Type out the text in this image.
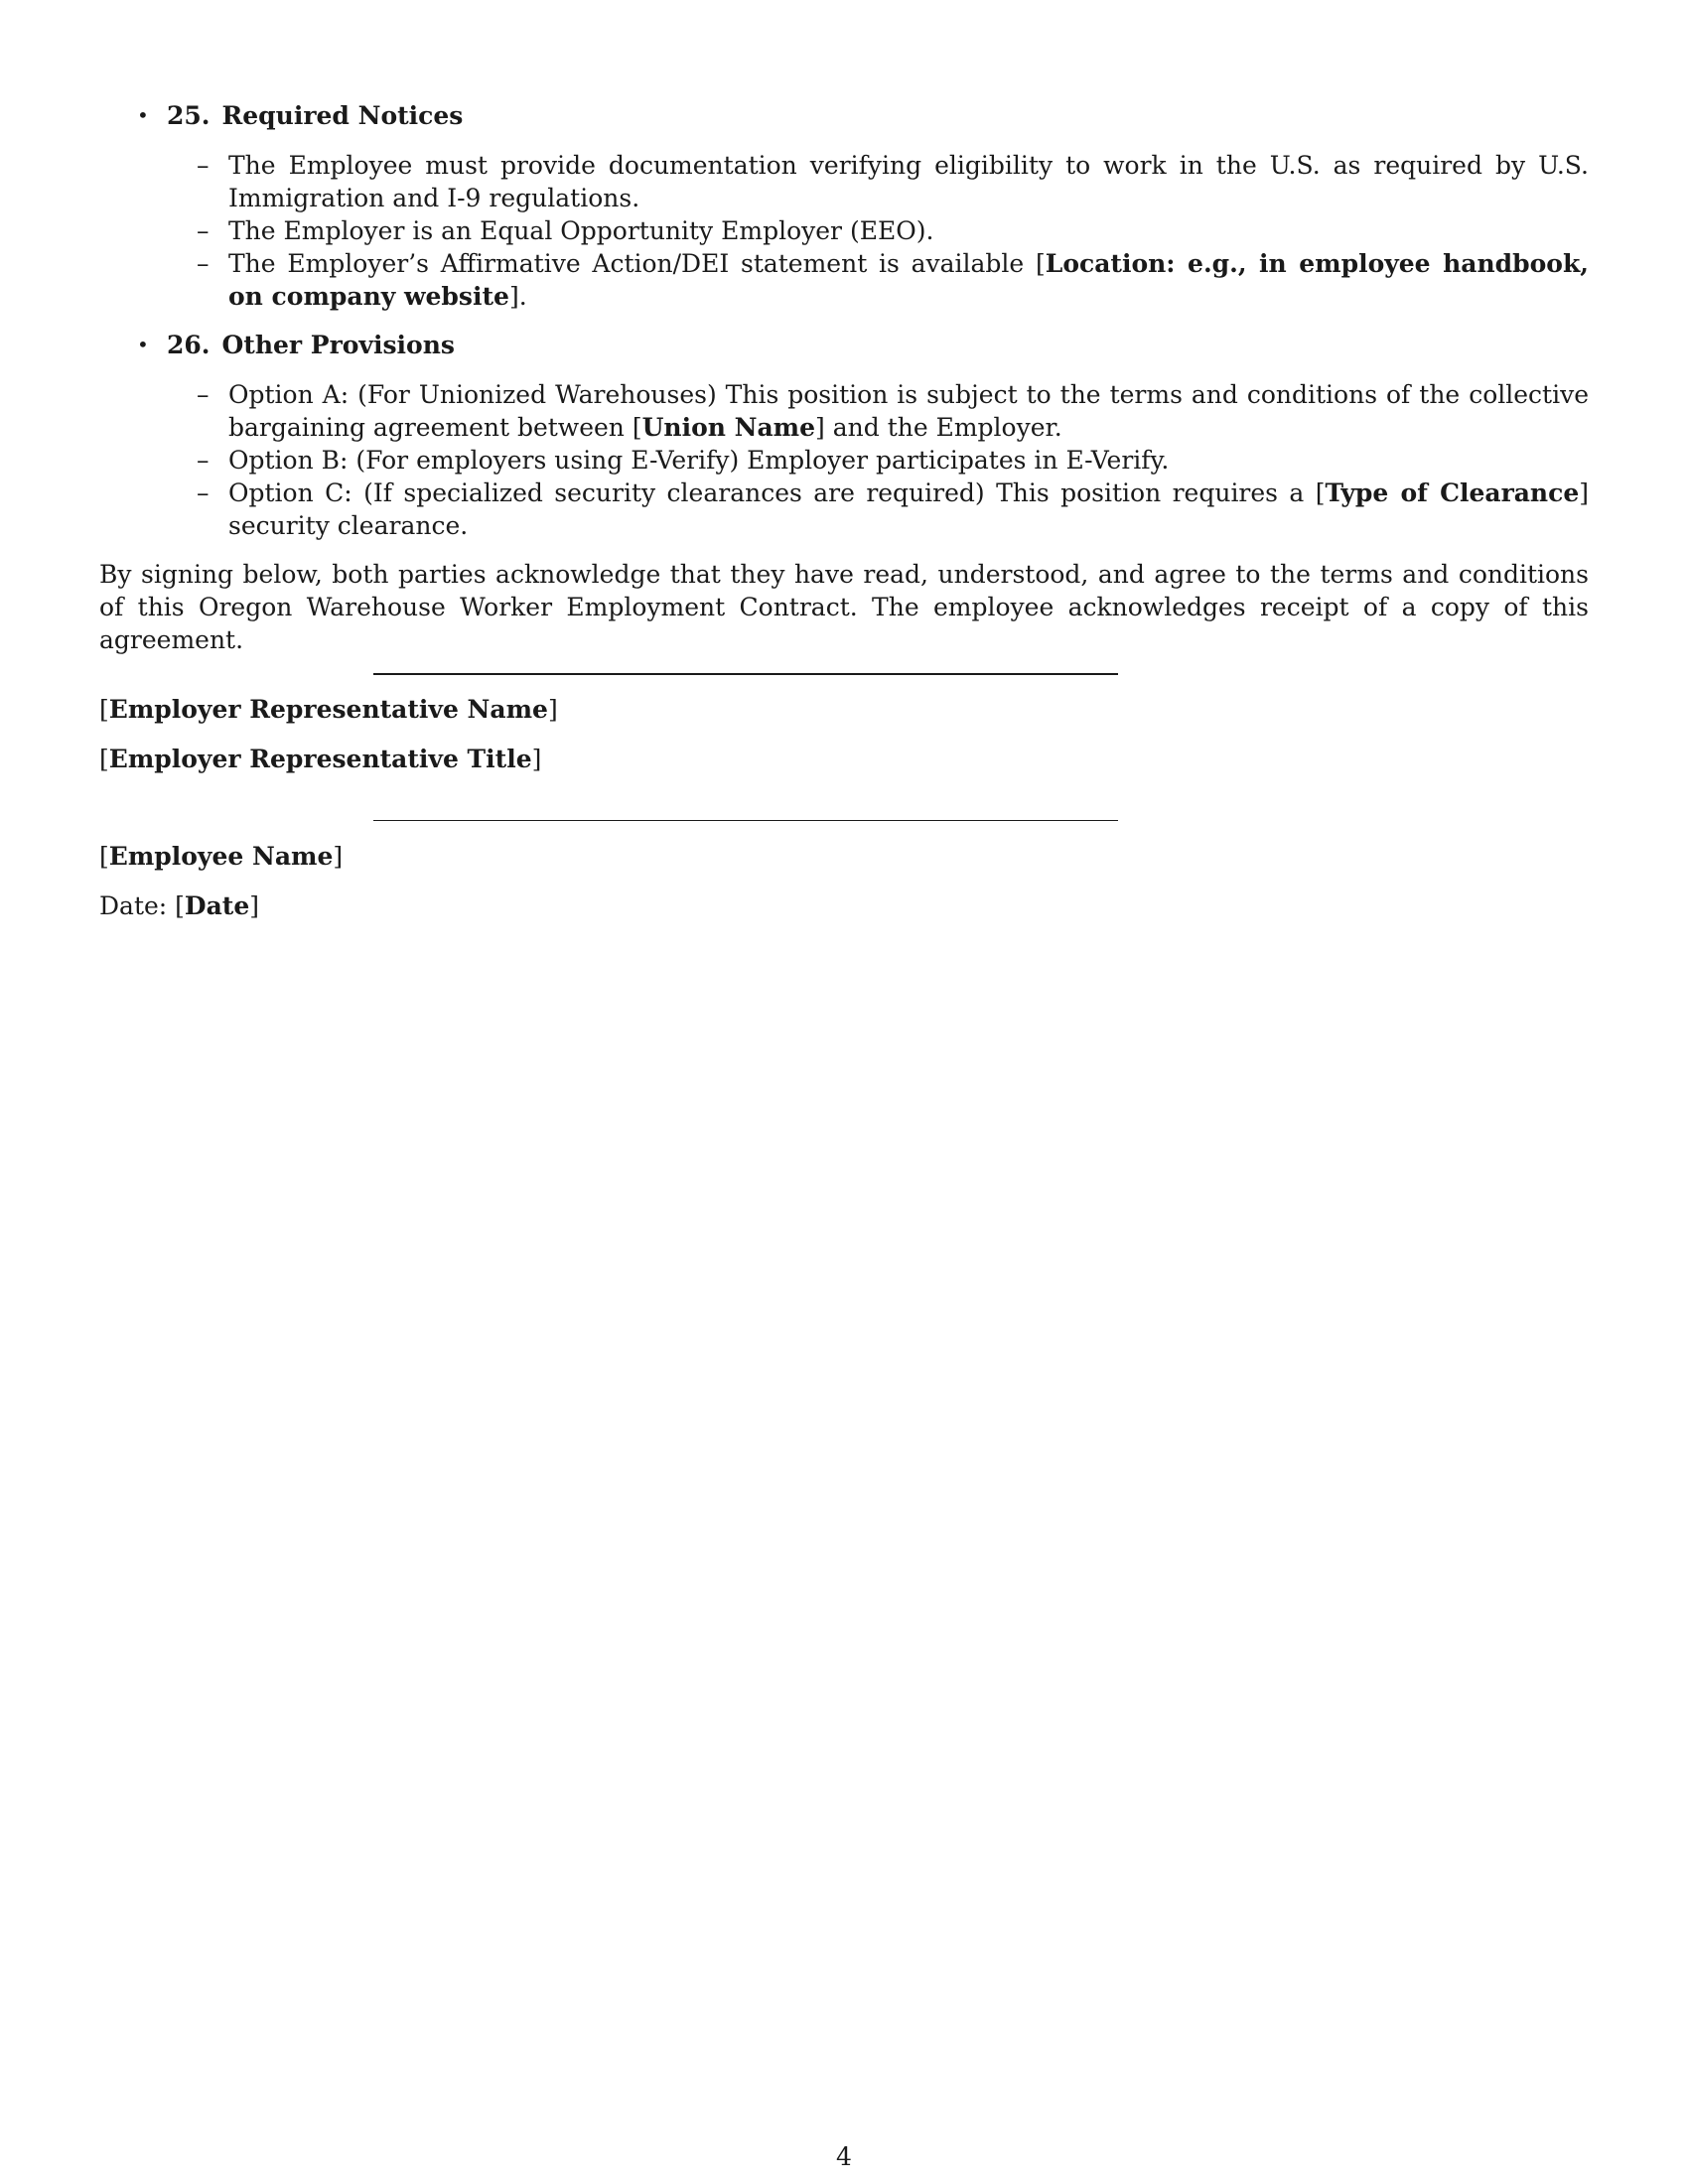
• 25. Required Notices
– The Employee must provide documentation verifying eligibility to work in the U.S. as required by U.S. Immigration and I-9 regulations.
– The Employer is an Equal Opportunity Employer (EEO).
– The Employer’s Affirmative Action/DEI statement is available [Location: e.g., in employee handbook, on company website].
• 26. Other Provisions
– Option A: (For Unionized Warehouses) This position is subject to the terms and conditions of the collective bargaining agreement between [Union Name] and the Employer.
– Option B: (For employers using E-Verify) Employer participates in E-Verify.
– Option C: (If specialized security clearances are required) This position requires a [Type of Clearance] security clearance.

By signing below, both parties acknowledge that they have read, understood, and agree to the terms and conditions of this Oregon Warehouse Worker Employment Contract. The employee acknowledges receipt of a copy of this agreement.

[Employer Representative Name]
[Employer Representative Title]
[Employee Name]
Date: [Date]
4
